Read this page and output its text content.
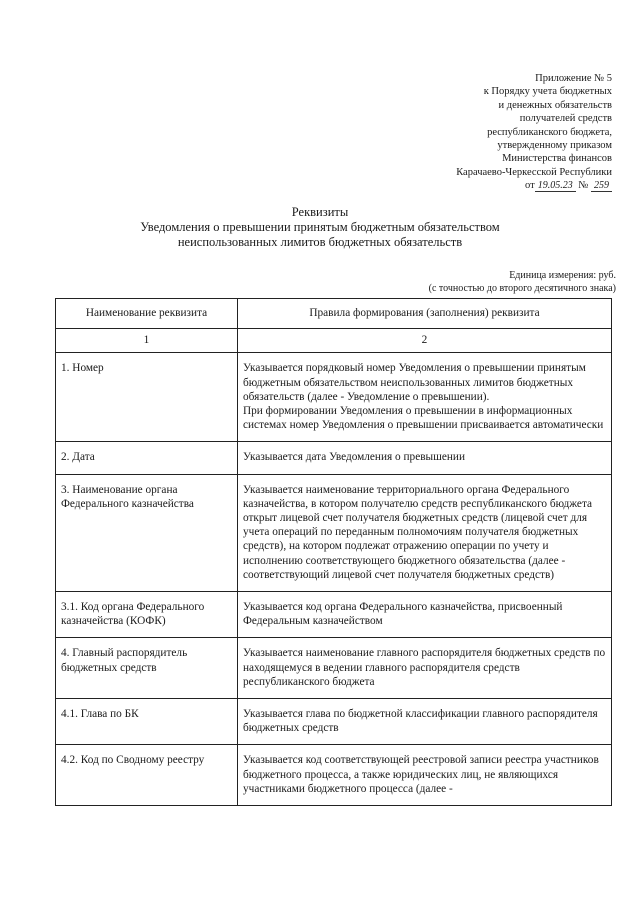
Приложение № 5
к Порядку учета бюджетных
и денежных обязательств
получателей средств
республиканского бюджета,
утвержденному приказом
Министерства финансов
Карачаево-Черкесской Республики
от 19.05.23 № 259
Реквизиты
Уведомления о превышении принятым бюджетным обязательством
неиспользованных лимитов бюджетных обязательств
Единица измерения: руб.
(с точностью до второго десятичного знака)
Наименование реквизита	Правила формирования (заполнения) реквизита
1	2
1. Номер	Указывается порядковый номер Уведомления о превышении принятым бюджетным обязательством неиспользованных лимитов бюджетных обязательств (далее - Уведомление о превышении).
При формировании Уведомления о превышении в информационных системах номер Уведомления о превышении присваивается автоматически

2. Дата	Указывается дата Уведомления о превышении
3. Наименование органа Федерального казначейства	Указывается наименование территориального органа Федерального казначейства, в котором получателю средств республиканского бюджета открыт лицевой счет получателя бюджетных средств (лицевой счет для учета операций по переданным полномочиям получателя бюджетных средств), на котором подлежат отражению операции по учету и исполнению соответствующего бюджетного обязательства (далее - соответствующий лицевой счет получателя бюджетных средств)
3.1. Код органа Федерального казначейства (КОФК)	Указывается код органа Федерального казначейства, присвоенный Федеральным казначейством
4. Главный распорядитель бюджетных средств	Указывается наименование главного распорядителя бюджетных средств по находящемуся в ведении главного распорядителя средств республиканского бюджета
4.1. Глава по БК	Указывается глава по бюджетной классификации главного распорядителя бюджетных средств
4.2. Код по Сводному реестру	Указывается код соответствующей реестровой записи реестра участников бюджетного процесса, а также юридических лиц, не являющихся участниками бюджетного процесса (далее -
